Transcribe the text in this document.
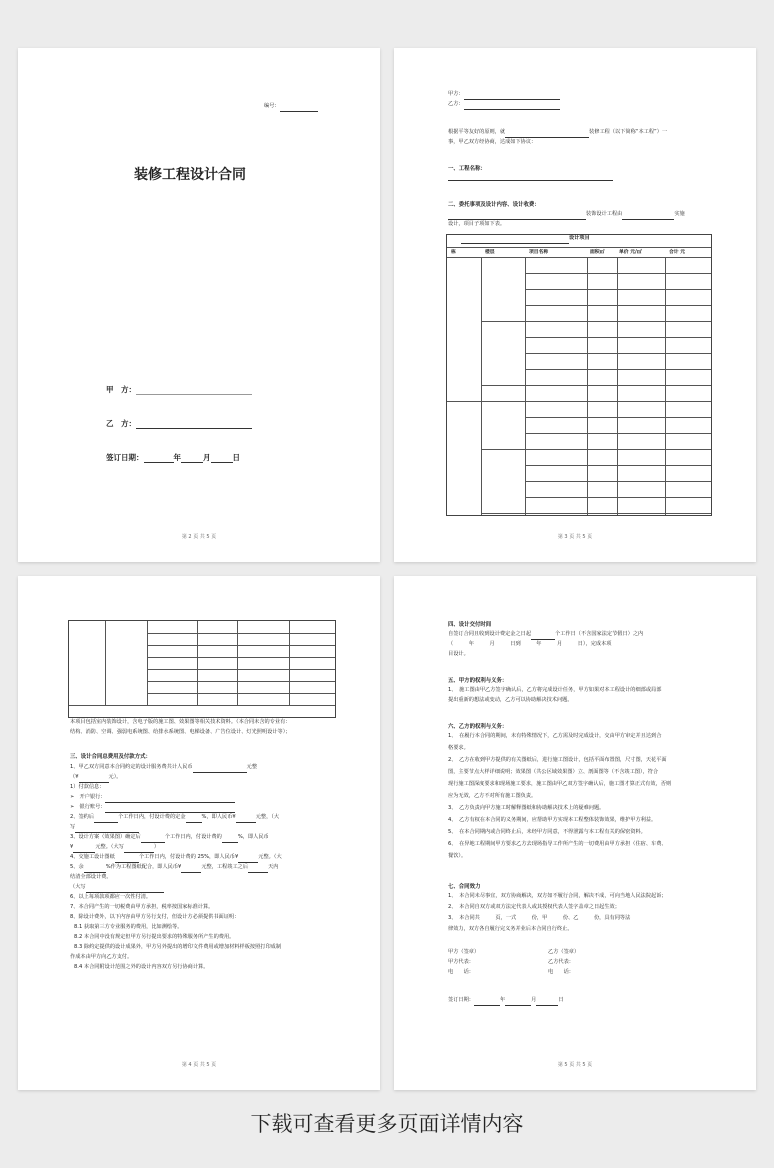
编号：
装修工程设计合同
甲　方：
乙　方：
签订日期：	年	月	日
第 2 页 共 5 页
甲方：
乙方：
根据平等友好的原则，就	装修工程（以下简称“本工程”）一
事，甲乙双方经协商，达成如下协议：
一、工程名称：
二、委托事项及设计内容、设计收费：
装饰设计工程由	实施
设计，项目子项如下表。
设计项目
栋	楼层	项目名称	面积㎡	单价 元/㎡	合计 元
第 3 页 共 5 页
本项目包括室内装饰设计，含电子版的施工图、效果图等相关技术资料。（本合同未含的专业有：
结构、消防、空调、强弱电系统图、给排水系统图、电梯设备、广告位设计、灯光照明设计等）；
三、设计合同总费用及付款方式：
1、甲乙双方同意本合同约定的设计服务费共计人民币	元整
（¥	元）。
1）付款信息：
➢　开户银行：
➢　银行账号：
2、签约后	个工作日内，付设计费的定金	%，即人民币¥	元整，（大
写
3、设计方案（效果图）确定后	个工作日内，付设计费的	%，即人民币
¥	元整。（大写	）
4、交施工设计图纸	个工作日内，付设计费的 25%，即人民币¥	元整。（大
5、余	%作为工程图纸配合，即人民币¥	元整，工程竣工之后	天内
结清全部设计费。
（大写
6、以上每项款项都应一次性付清。
7、本合同产生的一切税费由甲方承担，税率按国家标准计算。
8、除设计费外，以下内容由甲方另行支付，但设计方必须提供书面证明：
8.1 获取第三方专业服务的费用，比如测绘等。
8.2 本合同中没有规定但甲方另行提出要求的特殊服务所产生的费用。
8.3 除约定提供的设计成果外，甲方另外提出的增印文件费用或增加材料样板按照打印成制
作成本由甲方向乙方支付。
8.4 本合同附设计范围之外的设计内容双方另行协商计算。
第 4 页 共 5 页
四、设计交付时间
自签订合同且收到设计费定金之日起	个工作日（不含国家法定节假日）之内
（　　　年　　　月　　　日到　　　年　　　月　　　日），完成本项
目设计。
五、甲方的权利与义务：
1、　施工图由甲乙方签字确认后，乙方将完成设计任务，甲方如果对本工程设计的细部或局部
提出重新的想法或变动，乙方可以协助解决技术问题。
六、乙方的权利与义务：
1、　在履行本合同的期间，未有特殊情况下，乙方需及时完成设计，交由甲方审定并且达到合
格要求。
2、　乙方在收到甲方提供的有关图纸后，进行施工图设计，包括平面布置图，尺寸图，天花平面
图，主要节点大样详细说明；效果图（共公区域效果图）立、剖面图等（不含竣工图），符合
现行施工图深度要求和现场施工要求，施工图由甲乙双方签字确认后，施工图才算正式有效，否则
应为无效，乙方不对所有施工图负责。
3、　乙方负责向甲方施工时解释图纸和协助解决技术上的疑难问题。
4、　乙方有权在本合同的义务期间，应帮助甲方实现本工程整体装饰效果，维护甲方利益。
5、　在本合同期内或合同终止后，未经甲方同意，不得泄露与本工程有关的保密资料。
6、　在异地工程期间甲方要求乙方去现场指导工作所产生的一切费用由甲方承担（住宿、车费、
餐饮）。
七、合同效力
1、　本合同未尽事宜，双方协商解决，双方如不履行合同，解决不成，可向当地人民法院起诉；
2、　本合同自双方或双方法定代表人或其授权代表人签字盖章之日起生效；
3、　本合同共　　　页，一式　　　份，甲　　　份、乙　　　份，具有同等法
律效力，双方各自履行完义务并业后本合同自行终止。
甲方（签章）	乙方（签章）
甲方代表：	乙方代表：
电　　话：	电　　话：
签订日期：	年	月	日
第 5 页 共 5 页
下载可查看更多页面详情内容
